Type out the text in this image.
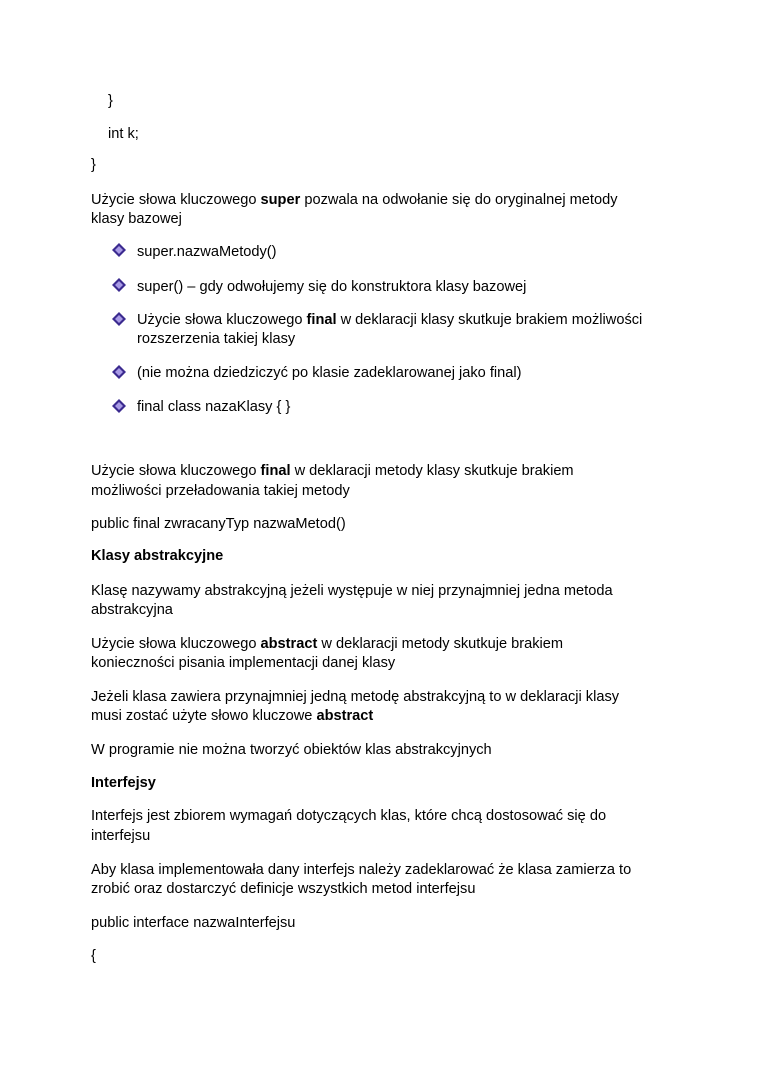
}
int k;
}
Użycie słowa kluczowego super pozwala na odwołanie się do oryginalnej metody
klasy bazowej
super.nazwaMetody()
super() – gdy odwołujemy się do konstruktora klasy bazowej
Użycie słowa kluczowego final w deklaracji klasy skutkuje brakiem możliwości
rozszerzenia takiej klasy
(nie można dziedziczyć po klasie zadeklarowanej jako final)
final class nazaKlasy { }
Użycie słowa kluczowego final w deklaracji metody klasy skutkuje brakiem
możliwości przeładowania takiej metody
public final zwracanyTyp nazwaMetod()
Klasy abstrakcyjne
Klasę nazywamy abstrakcyjną jeżeli występuje w niej przynajmniej jedna metoda
abstrakcyjna
Użycie słowa kluczowego abstract w deklaracji metody skutkuje brakiem
konieczności pisania implementacji danej klasy
Jeżeli klasa zawiera przynajmniej jedną metodę abstrakcyjną to w deklaracji klasy
musi zostać użyte słowo kluczowe abstract
W programie nie można tworzyć obiektów klas abstrakcyjnych
Interfejsy
Interfejs jest zbiorem wymagań dotyczących klas, które chcą dostosować się do
interfejsu
Aby klasa implementowała dany interfejs należy zadeklarować że klasa zamierza to
zrobić oraz dostarczyć definicje wszystkich metod interfejsu
public interface nazwaInterfejsu
{
